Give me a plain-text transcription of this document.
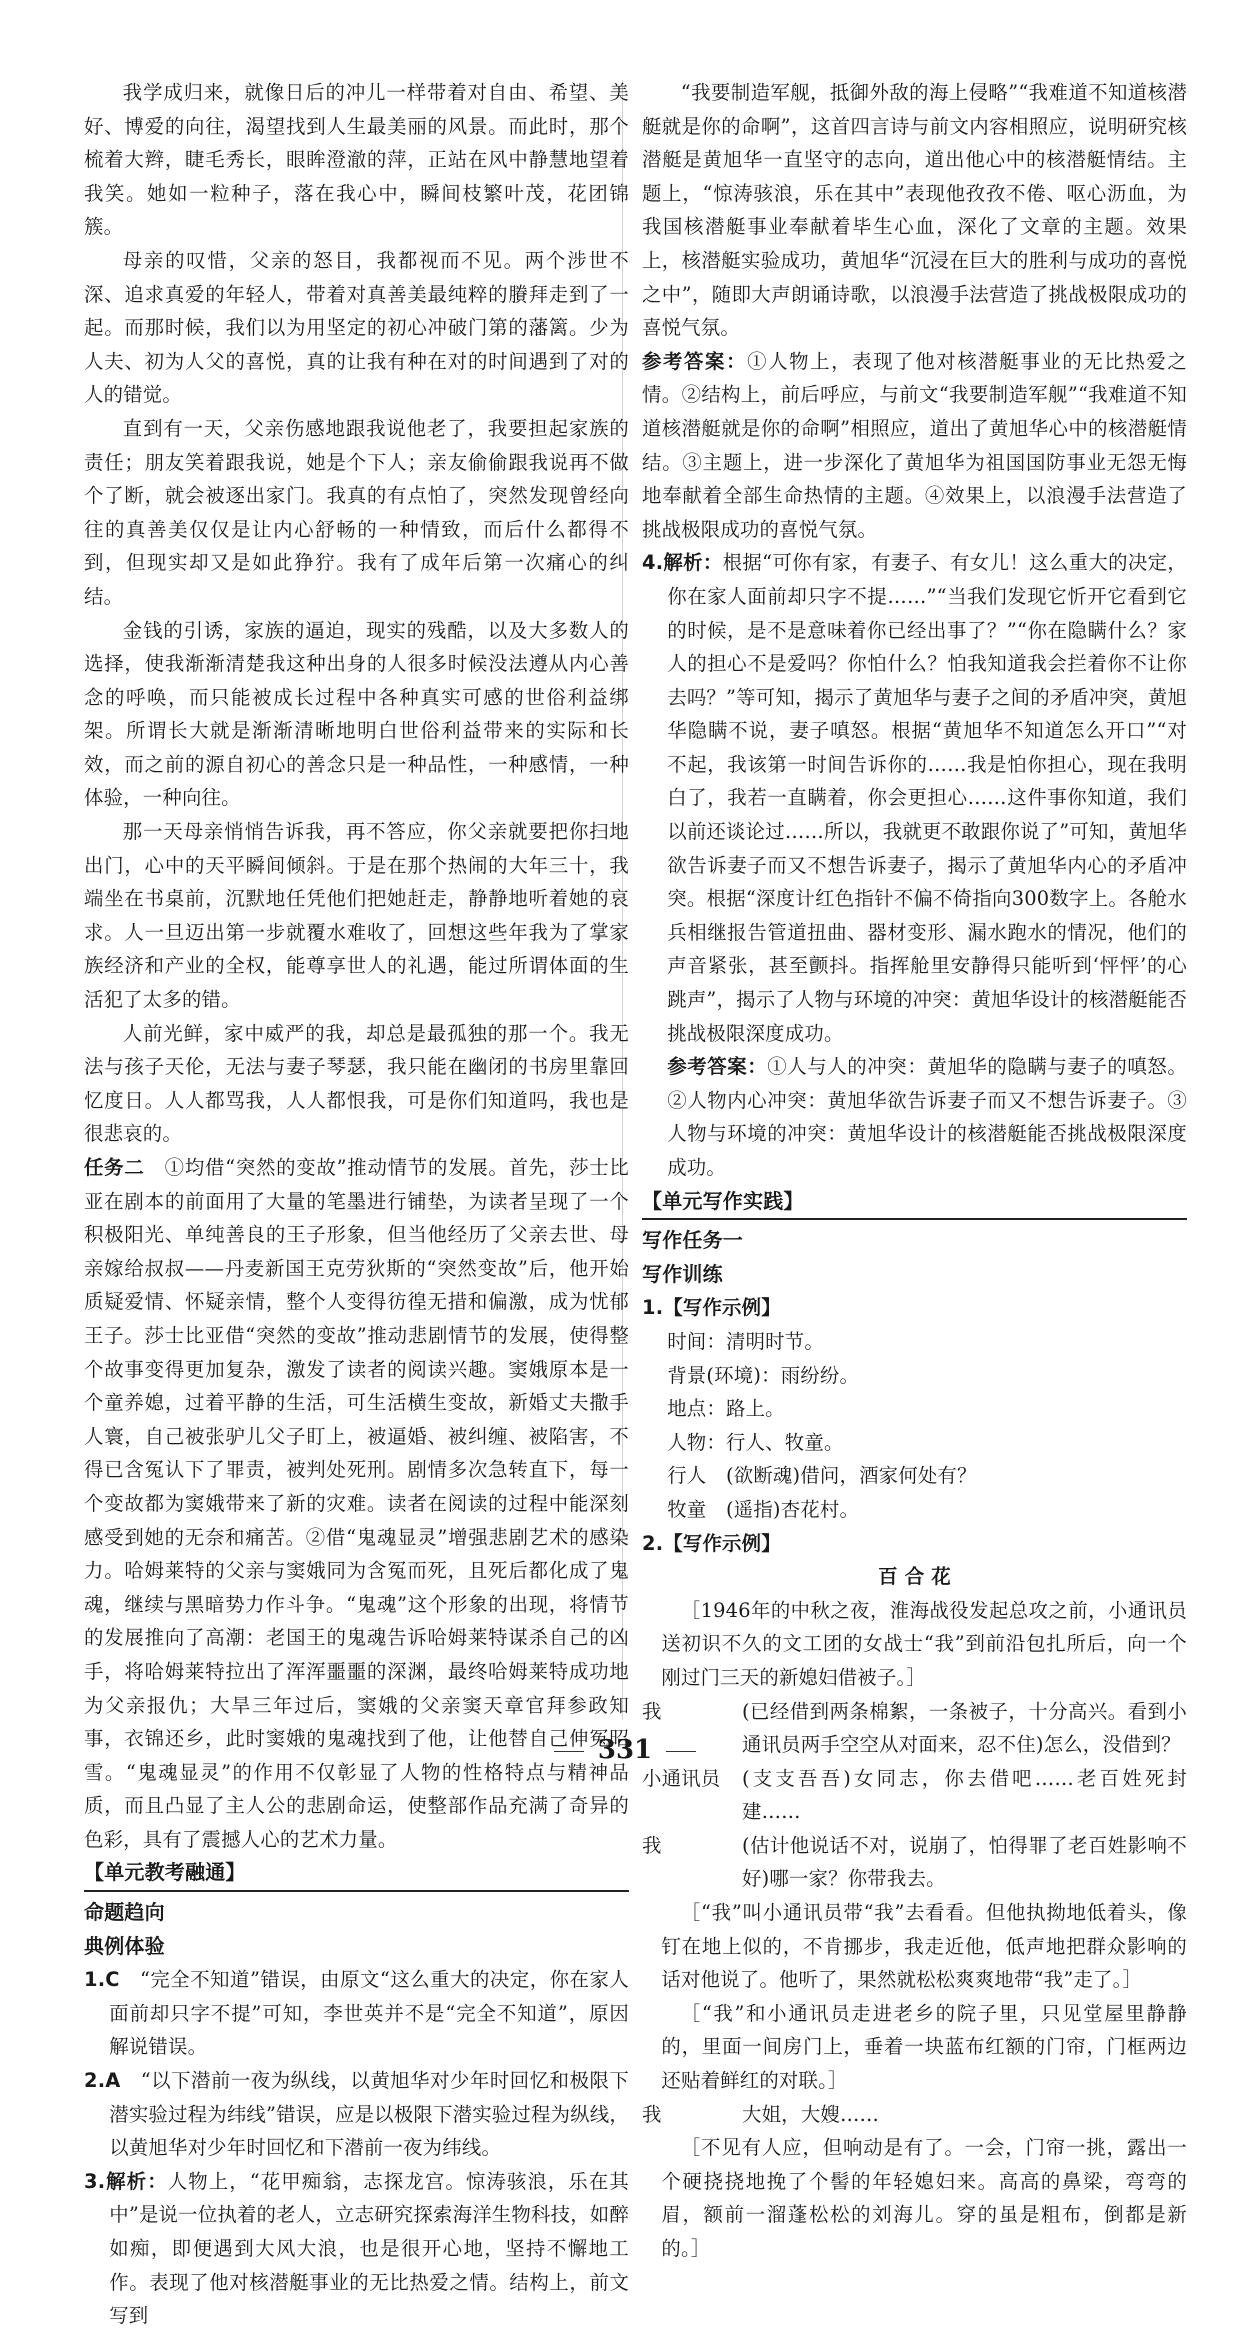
我学成归来，就像日后的冲儿一样带着对自由、希望、美好、博爱的向往，渴望找到人生最美丽的风景。而此时，那个梳着大辫，睫毛秀长，眼眸澄澈的萍，正站在风中静慧地望着我笑。她如一粒种子，落在我心中，瞬间枝繁叶茂，花团锦簇。

母亲的叹惜，父亲的怒目，我都视而不见。两个涉世不深、追求真爱的年轻人，带着对真善美最纯粹的賸拜走到了一起。而那时候，我们以为用坚定的初心冲破门第的藩篱。少为人夫、初为人父的喜悦，真的让我有种在对的时间遇到了对的人的错觉。

直到有一天，父亲伤感地跟我说他老了，我要担起家族的责任；朋友笑着跟我说，她是个下人；亲友偷偷跟我说再不做个了断，就会被逐出家门。我真的有点怕了，突然发现曾经向往的真善美仅仅是让内心舒畅的一种情致，而后什么都得不到，但现实却又是如此狰狞。我有了成年后第一次痛心的纠结。

金钱的引诱，家族的逼迫，现实的残酷，以及大多数人的选择，使我渐渐清楚我这种出身的人很多时候没法遵从内心善念的呼唤，而只能被成长过程中各种真实可感的世俗利益绑架。所谓长大就是渐渐清晰地明白世俗利益带来的实际和长效，而之前的源自初心的善念只是一种品性，一种感情，一种体验，一种向往。

那一天母亲悄悄告诉我，再不答应，你父亲就要把你扫地出门，心中的天平瞬间倾斜。于是在那个热闹的大年三十，我端坐在书桌前，沉默地任凭他们把她赶走，静静地听着她的哀求。人一旦迈出第一步就覆水难收了，回想这些年我为了掌家族经济和产业的全权，能尊享世人的礼遇，能过所谓体面的生活犯了太多的错。

人前光鲜，家中威严的我，却总是最孤独的那一个。我无法与孩子天伦，无法与妻子琴瑟，我只能在幽闭的书房里靠回忆度日。人人都骂我，人人都恨我，可是你们知道吗，我也是很悲哀的。

任务二　 ①均借“突然的变故”推动情节的发展。首先，莎士比亚在剧本的前面用了大量的笔墨进行铺垫，为读者呈现了一个积极阳光、单纯善良的王子形象，但当他经历了父亲去世、母亲嫁给叔叔——丹麦新国王克劳狄斯的“突然变故”后，他开始质疑爱情、怀疑亲情，整个人变得彷徨无措和偏激，成为忧郁王子。莎士比亚借“突然的变故”推动悲剧情节的发展，使得整个故事变得更加复杂，激发了读者的阅读兴趣。窦娥原本是一个童养媳，过着平静的生活，可生活横生变故，新婚丈夫撒手人寰，自己被张驴儿父子盯上，被逼婚、被纠缠、被陷害，不得已含冤认下了罪责，被判处死刑。剧情多次急转直下，每一个变故都为窦娥带来了新的灾难。读者在阅读的过程中能深刻感受到她的无奈和痛苦。②借“鬼魂显灵”增强悲剧艺术的感染力。哈姆莱特的父亲与窦娥同为含冤而死，且死后都化成了鬼魂，继续与黑暗势力作斗争。“鬼魂”这个形象的出现，将情节的发展推向了高潮：老国王的鬼魂告诉哈姆莱特谋杀自己的凶手，将哈姆莱特拉出了浑浑噩噩的深渊，最终哈姆莱特成功地为父亲报仇；大旱三年过后，窦娥的父亲窦天章官拜参政知事，衣锦还乡，此时窦娥的鬼魂找到了他，让他替自己伸冤昭雪。“鬼魂显灵”的作用不仅彰显了人物的性格特点与精神品质，而且凸显了主人公的悲剧命运，使整部作品充满了奇异的色彩，具有了震撼人心的艺术力量。

【单元教考融通】

命题趋向

典例体验

1.C　 “完全不知道”错误，由原文“这么重大的决定，你在家人面前却只字不提”可知，李世英并不是“完全不知道”，原因解说错误。

2.A　 “以下潜前一夜为纵线，以黄旭华对少年时回忆和极限下潜实验过程为纬线”错误，应是以极限下潜实验过程为纵线，以黄旭华对少年时回忆和下潜前一夜为纬线。

3.解析：人物上，“花甲痴翁，志探龙宫。惊涛骇浪，乐在其中”是说一位执着的老人，立志研究探索海洋生物科技，如醉如痴，即便遇到大风大浪，也是很开心地，坚持不懈地工作。表现了他对核潜艇事业的无比热爱之情。结构上，前文写到

“我要制造军舰，抵御外敌的海上侵略”“我难道不知道核潜艇就是你的命啊”，这首四言诗与前文内容相照应，说明研究核潜艇是黄旭华一直坚守的志向，道出他心中的核潜艇情结。主题上，“惊涛骇浪，乐在其中”表现他孜孜不倦、呕心沥血，为我国核潜艇事业奉献着毕生心血，深化了文章的主题。效果上，核潜艇实验成功，黄旭华“沉浸在巨大的胜利与成功的喜悦之中”，随即大声朗诵诗歌，以浪漫手法营造了挑战极限成功的喜悦气氛。

参考答案：①人物上，表现了他对核潜艇事业的无比热爱之情。②结构上，前后呼应，与前文“我要制造军舰”“我难道不知道核潜艇就是你的命啊”相照应，道出了黄旭华心中的核潜艇情结。③主题上，进一步深化了黄旭华为祖国国防事业无怨无悔地奉献着全部生命热情的主题。④效果上，以浪漫手法营造了挑战极限成功的喜悦气氛。

4.解析：根据“可你有家，有妻子、有女儿！这么重大的决定，你在家人面前却只字不提……”“当我们发现它忻开它看到它的时候，是不是意味着你已经出事了？”“你在隐瞒什么？家人的担心不是爱吗？你怕什么？怕我知道我会拦着你不让你去吗？”等可知，揭示了黄旭华与妻子之间的矛盾冲突，黄旭华隐瞒不说，妻子嗔怒。根据“黄旭华不知道怎么开口”“对不起，我该第一时间告诉你的……我是怕你担心，现在我明白了，我若一直瞒着，你会更担心……这件事你知道，我们以前还谈论过……所以，我就更不敢跟你说了”可知，黄旭华欲告诉妻子而又不想告诉妻子，揭示了黄旭华内心的矛盾冲突。根据“深度计红色指针不偏不倚指向300数字上。各舱水兵相继报告管道扭曲、器材变形、漏水跑水的情况，他们的声音紧张，甚至颤抖。指挥舱里安静得只能听到‘怦怦’的心跳声”，揭示了人物与环境的冲突：黄旭华设计的核潜艇能否挑战极限深度成功。

参考答案：①人与人的冲突：黄旭华的隐瞒与妻子的嗔怒。②人物内心冲突：黄旭华欲告诉妻子而又不想告诉妻子。③人物与环境的冲突：黄旭华设计的核潜艇能否挑战极限深度成功。

【单元写作实践】

写作任务一

写作训练

1.【写作示例】

时间：清明时节。

背景(环境)：雨纷纷。

地点：路上。

人物：行人、牧童。

行人　(欲断魂)借问，酒家何处有？

牧童　(遥指)杏花村。

2.【写作示例】

百 合 花

［1946年的中秋之夜，淮海战役发起总攻之前，小通讯员送初识不久的文工团的女战士“我”到前沿包扎所后，向一个刚过门三天的新媳妇借被子。］

我	(已经借到两条棉絮，一条被子，十分高兴。看到小通讯员两手空空从对面来，忍不住)怎么，没借到？
小通讯员	(支支吾吾)女同志，你去借吧……老百姓死封建……
我	(估计他说话不对，说崩了，怕得罪了老百姓影响不好)哪一家？你带我去。

［“我”叫小通讯员带“我”去看看。但他执拗地低着头，像钉在地上似的，不肯挪步，我走近他，低声地把群众影响的话对他说了。他听了，果然就松松爽爽地带“我”走了。］

［“我”和小通讯员走进老乡的院子里，只见堂屋里静静的，里面一间房门上，垂着一块蓝布红额的门帘，门框两边还贴着鲜红的对联。］

我	大姐，大嫂……

［不见有人应，但响动是有了。一会，门帘一挑，露出一个硬挠挠地挽了个髻的年轻媳妇来。高高的鼻梁，弯弯的眉，额前一溜蓬松松的刘海儿。穿的虽是粗布，倒都是新的。］

331
